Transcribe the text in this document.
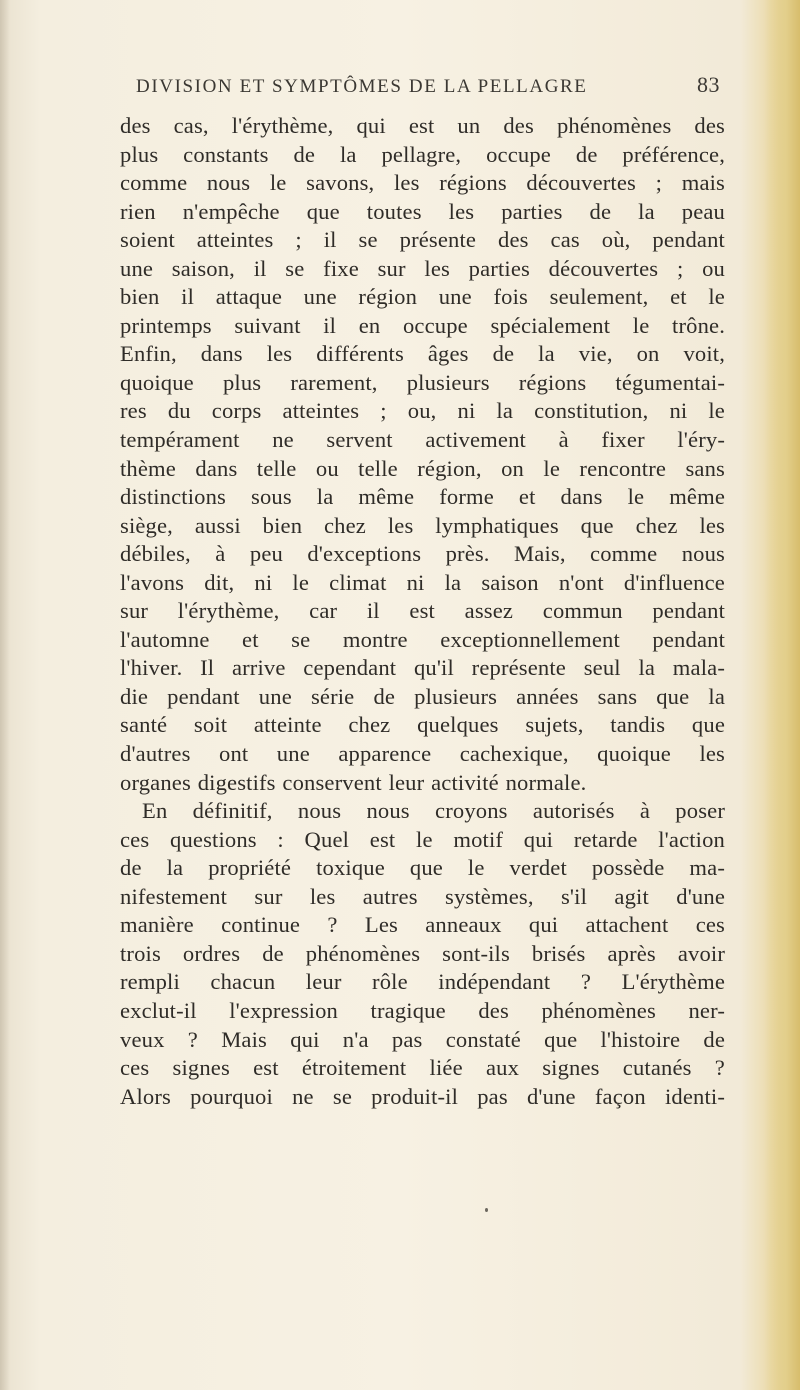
DIVISION ET SYMPTÔMES DE LA PELLAGRE	83
des cas, l'érythème, qui est un des phénomènes des
plus constants de la pellagre, occupe de préférence,
comme nous le savons, les régions découvertes ; mais
rien n'empêche que toutes les parties de la peau
soient atteintes ; il se présente des cas où, pendant
une saison, il se fixe sur les parties découvertes ; ou
bien il attaque une région une fois seulement, et le
printemps suivant il en occupe spécialement le trône.
Enfin, dans les différents âges de la vie, on voit,
quoique plus rarement, plusieurs régions tégumentai-
res du corps atteintes ; ou, ni la constitution, ni le
tempérament ne servent activement à fixer l'éry-
thème dans telle ou telle région, on le rencontre sans
distinctions sous la même forme et dans le même
siège, aussi bien chez les lymphatiques que chez les
débiles, à peu d'exceptions près. Mais, comme nous
l'avons dit, ni le climat ni la saison n'ont d'influence
sur l'érythème, car il est assez commun pendant
l'automne et se montre exceptionnellement pendant
l'hiver. Il arrive cependant qu'il représente seul la mala-
die pendant une série de plusieurs années sans que la
santé soit atteinte chez quelques sujets, tandis que
d'autres ont une apparence cachexique, quoique les
organes digestifs conservent leur activité normale.
En définitif, nous nous croyons autorisés à poser
ces questions : Quel est le motif qui retarde l'action
de la propriété toxique que le verdet possède ma-
nifestement sur les autres systèmes, s'il agit d'une
manière continue ? Les anneaux qui attachent ces
trois ordres de phénomènes sont-ils brisés après avoir
rempli chacun leur rôle indépendant ? L'érythème
exclut-il l'expression tragique des phénomènes ner-
veux ? Mais qui n'a pas constaté que l'histoire de
ces signes est étroitement liée aux signes cutanés ?
Alors pourquoi ne se produit-il pas d'une façon identi-
